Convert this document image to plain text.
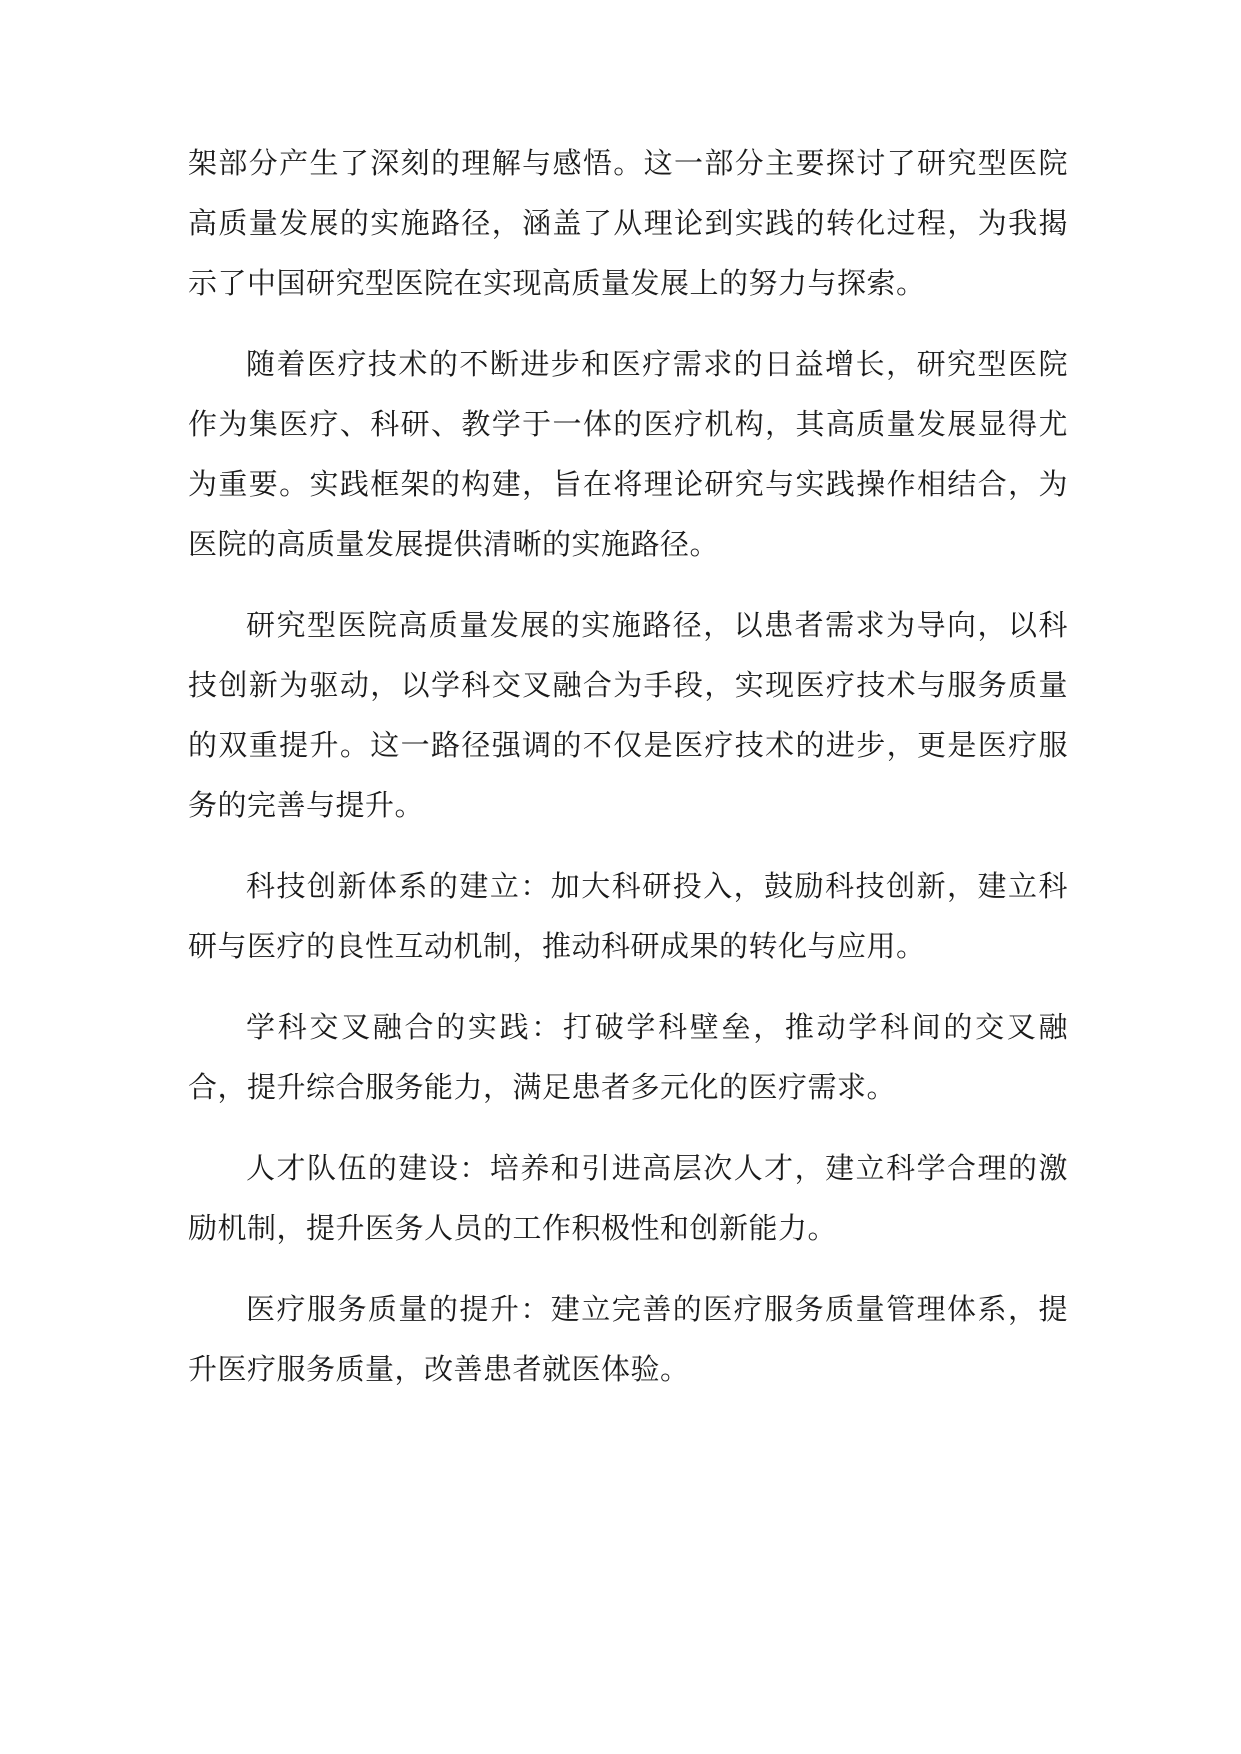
架部分产生了深刻的理解与感悟。这一部分主要探讨了研究型医院高质量发展的实施路径，涵盖了从理论到实践的转化过程，为我揭示了中国研究型医院在实现高质量发展上的努力与探索。

随着医疗技术的不断进步和医疗需求的日益增长，研究型医院作为集医疗、科研、教学于一体的医疗机构，其高质量发展显得尤为重要。实践框架的构建，旨在将理论研究与实践操作相结合，为医院的高质量发展提供清晰的实施路径。

研究型医院高质量发展的实施路径，以患者需求为导向，以科技创新为驱动，以学科交叉融合为手段，实现医疗技术与服务质量的双重提升。这一路径强调的不仅是医疗技术的进步，更是医疗服务的完善与提升。

科技创新体系的建立：加大科研投入，鼓励科技创新，建立科研与医疗的良性互动机制，推动科研成果的转化与应用。

学科交叉融合的实践：打破学科壁垒，推动学科间的交叉融合，提升综合服务能力，满足患者多元化的医疗需求。

人才队伍的建设：培养和引进高层次人才，建立科学合理的激励机制，提升医务人员的工作积极性和创新能力。

医疗服务质量的提升：建立完善的医疗服务质量管理体系，提升医疗服务质量，改善患者就医体验。
